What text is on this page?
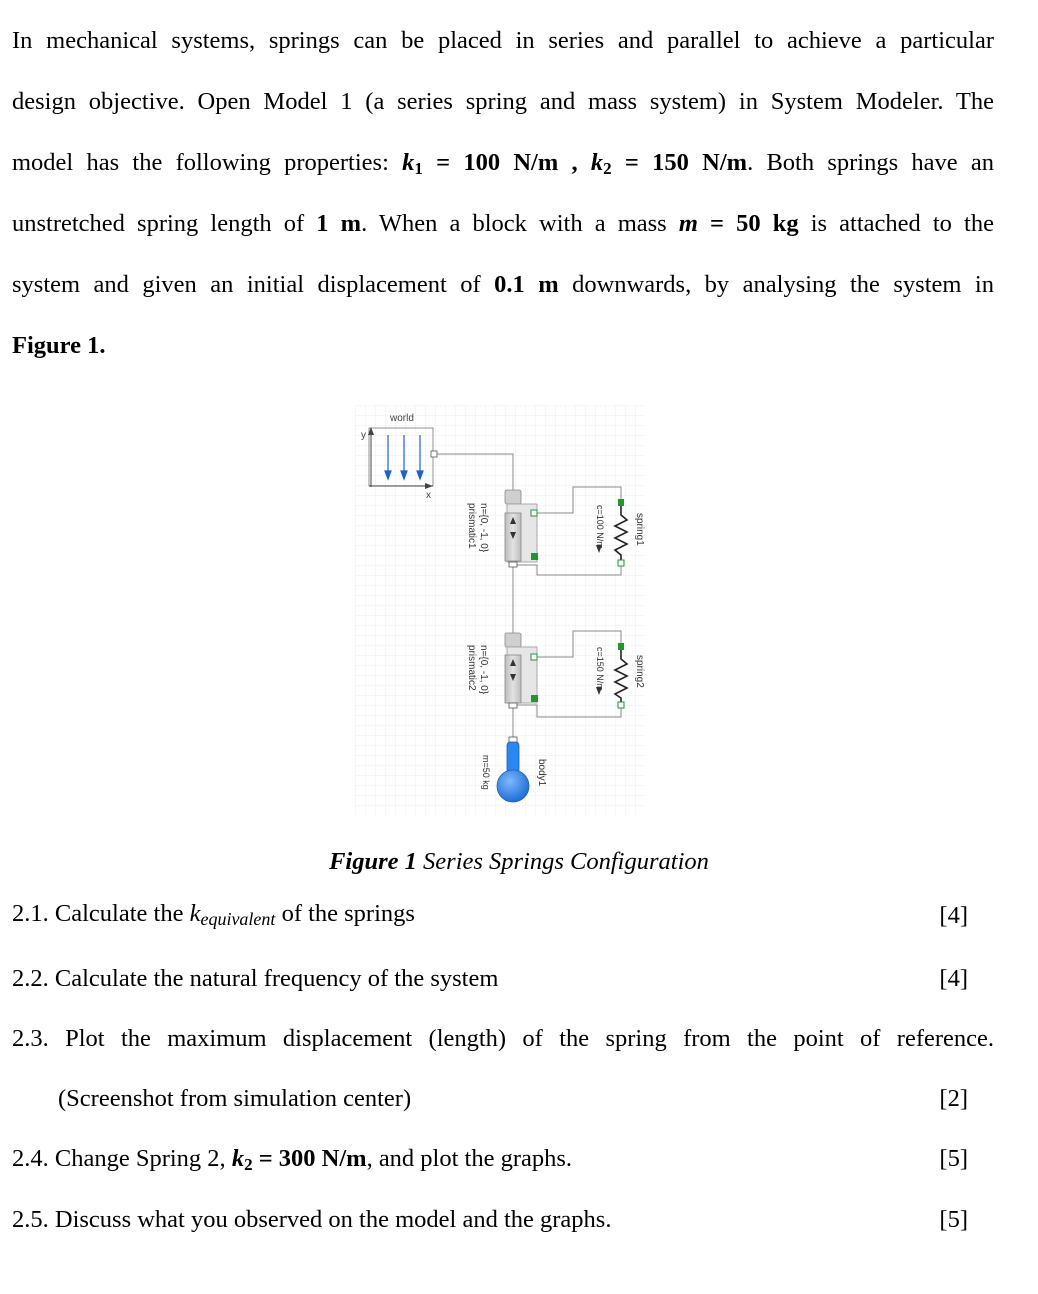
In mechanical systems, springs can be placed in series and parallel to achieve a particular
design objective. Open Model 1 (a series spring and mass system) in System Modeler. The
model has the following properties: k1 = 100 N/m , k2 = 150 N/m. Both springs have an
unstretched spring length of 1 m. When a block with a mass m = 50 kg is attached to the
system and given an initial displacement of 0.1 m downwards, by analysing the system in
Figure 1.
world
y
x
n={0, -1, 0}
prismatic1	spring1
c=100 N/m
n={0, -1, 0}
prismatic2	spring2
c=150 N/m
body1
m=50 kg
Figure 1 Series Springs Configuration
2.1. Calculate the kequivalent of the springs	[4]
2.2. Calculate the natural frequency of the system	[4]
2.3. Plot the maximum displacement (length) of the spring from the point of reference.
(Screenshot from simulation center)	[2]
2.4. Change Spring 2, k2 = 300 N/m, and plot the graphs.	[5]
2.5. Discuss what you observed on the model and the graphs.	[5]
